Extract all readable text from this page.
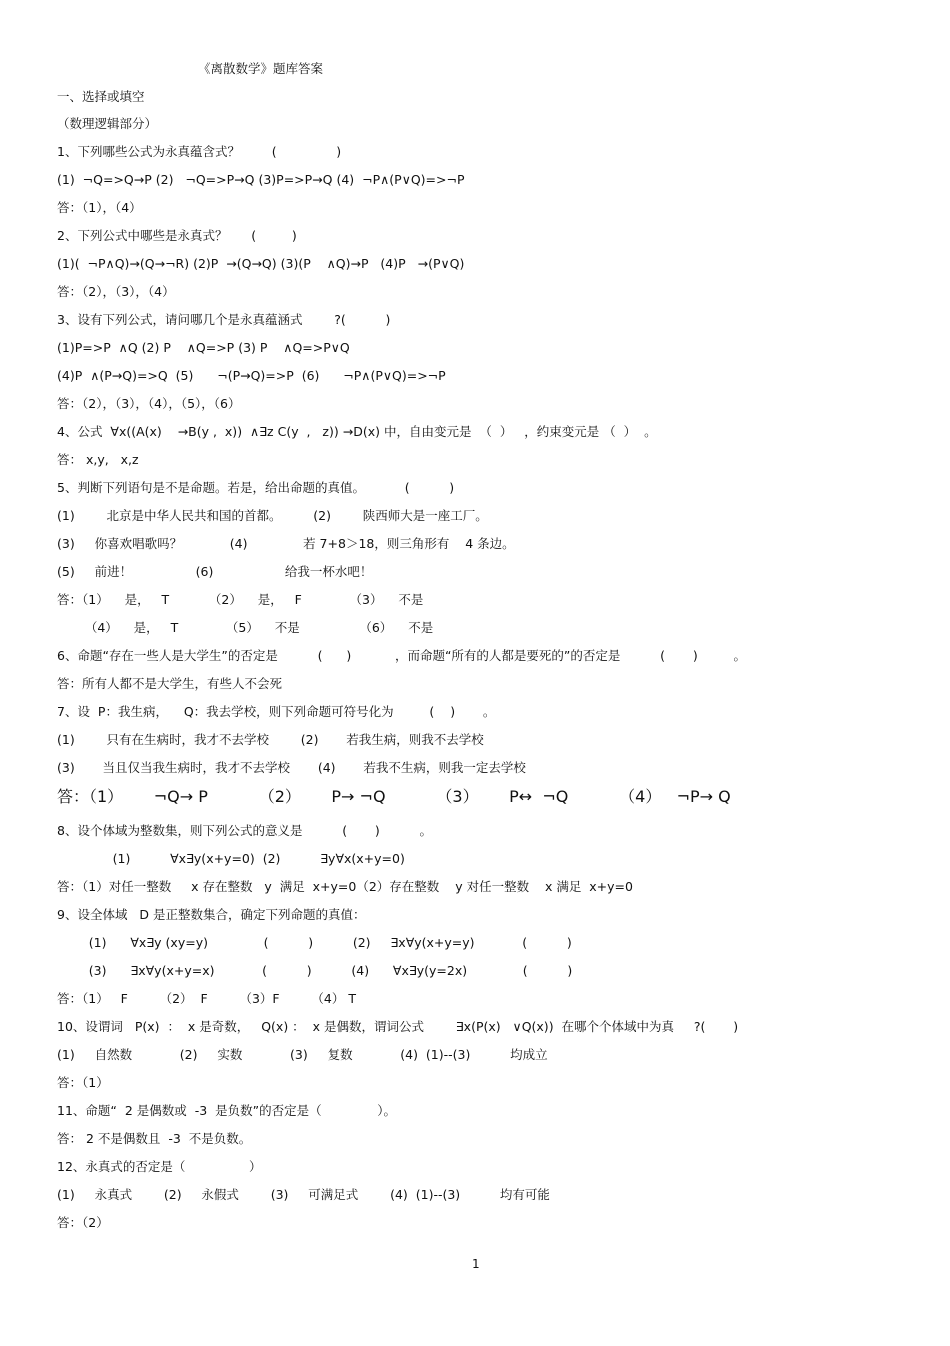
《离散数学》题库答案

一、选择或填空

（数理逻辑部分）

1、下列哪些公式为永真蕴含式？        (               )

(1)  ¬Q=>Q→P (2)   ¬Q=>P→Q (3)P=>P→Q (4)  ¬P∧(P∨Q)=>¬P

答：（1），（4）

2、下列公式中哪些是永真式？      (         )

(1)(  ¬P∧Q)→(Q→¬R) (2)P  →(Q→Q) (3)(P    ∧Q)→P   (4)P   →(P∨Q)

答：（2），（3），（4）

3、设有下列公式，请问哪几个是永真蕴涵式        ?(          )

(1)P=>P  ∧Q (2) P    ∧Q=>P (3) P    ∧Q=>P∨Q

(4)P  ∧(P→Q)=>Q  (5)      ¬(P→Q)=>P  (6)      ¬P∧(P∨Q)=>¬P

答：（2），（3），（4），（5），（6）

4、公式  ∀x((A(x)    →B(y ,  x))  ∧∃z C(y  ,   z)) →D(x) 中，自由变元是  （  ）   ，约束变元是 （  ）  。

答： x,y,   x,z

5、判断下列语句是不是命题。若是，给出命题的真值。          (          )

(1)        北京是中华人民共和国的首都。        (2)        陕西师大是一座工厂。

(3)     你喜欢唱歌吗？            (4)              若 7+8＞18，则三角形有    4 条边。

(5)     前进！                (6)                  给我一杯水吧！

答：（1）    是，   T          （2）    是，   F            （3）    不是

（4）    是，   T            （5）    不是               （6）    不是

6、命题“存在一些人是大学生”的否定是          (      )           ，而命题“所有的人都是要死的”的否定是          (       )         。

答：所有人都不是大学生，有些人不会死

7、设  P：我生病，    Q：我去学校，则下列命题可符号化为         (    )       。

(1)        只有在生病时，我才不去学校        (2)       若我生病，则我不去学校

(3)       当且仅当我生病时，我才不去学校       (4)       若我不生病，则我一定去学校

答：（1）      ¬Q→ P          （2）      P→ ¬Q          （3）      P↔  ¬Q          （4）   ¬P→ Q

8、设个体域为整数集，则下列公式的意义是          (       )          。

(1)          ∀x∃y(x+y=0)  (2)          ∃y∀x(x+y=0)

答：（1）对任一整数     x 存在整数   y  满足  x+y=0（2）存在整数    y 对任一整数    x 满足  x+y=0

9、设全体域   D 是正整数集合，确定下列命题的真值：

(1)      ∀x∃y (xy=y)              (          )          (2)     ∃x∀y(x+y=y)            (          )

(3)      ∃x∀y(x+y=x)            (          )          (4)      ∀x∃y(y=2x)              (          )

答：（1）   F        （2）  F        （3）F        （4） T

10、设谓词   P(x)  ：  x 是奇数，   Q(x) ：  x 是偶数，谓词公式        ∃x(P(x)   ∨Q(x))  在哪个个体域中为真     ?(       )

(1)     自然数            (2)     实数            (3)     复数            (4)  (1)--(3)          均成立

答：（1）

11、命题“  2 是偶数或  -3  是负数”的否定是（              ）。

答： 2 不是偶数且  -3  不是负数。

12、永真式的否定是（                ）

(1)     永真式        (2)     永假式        (3)     可满足式        (4)  (1)--(3)          均有可能

答：（2）

1
